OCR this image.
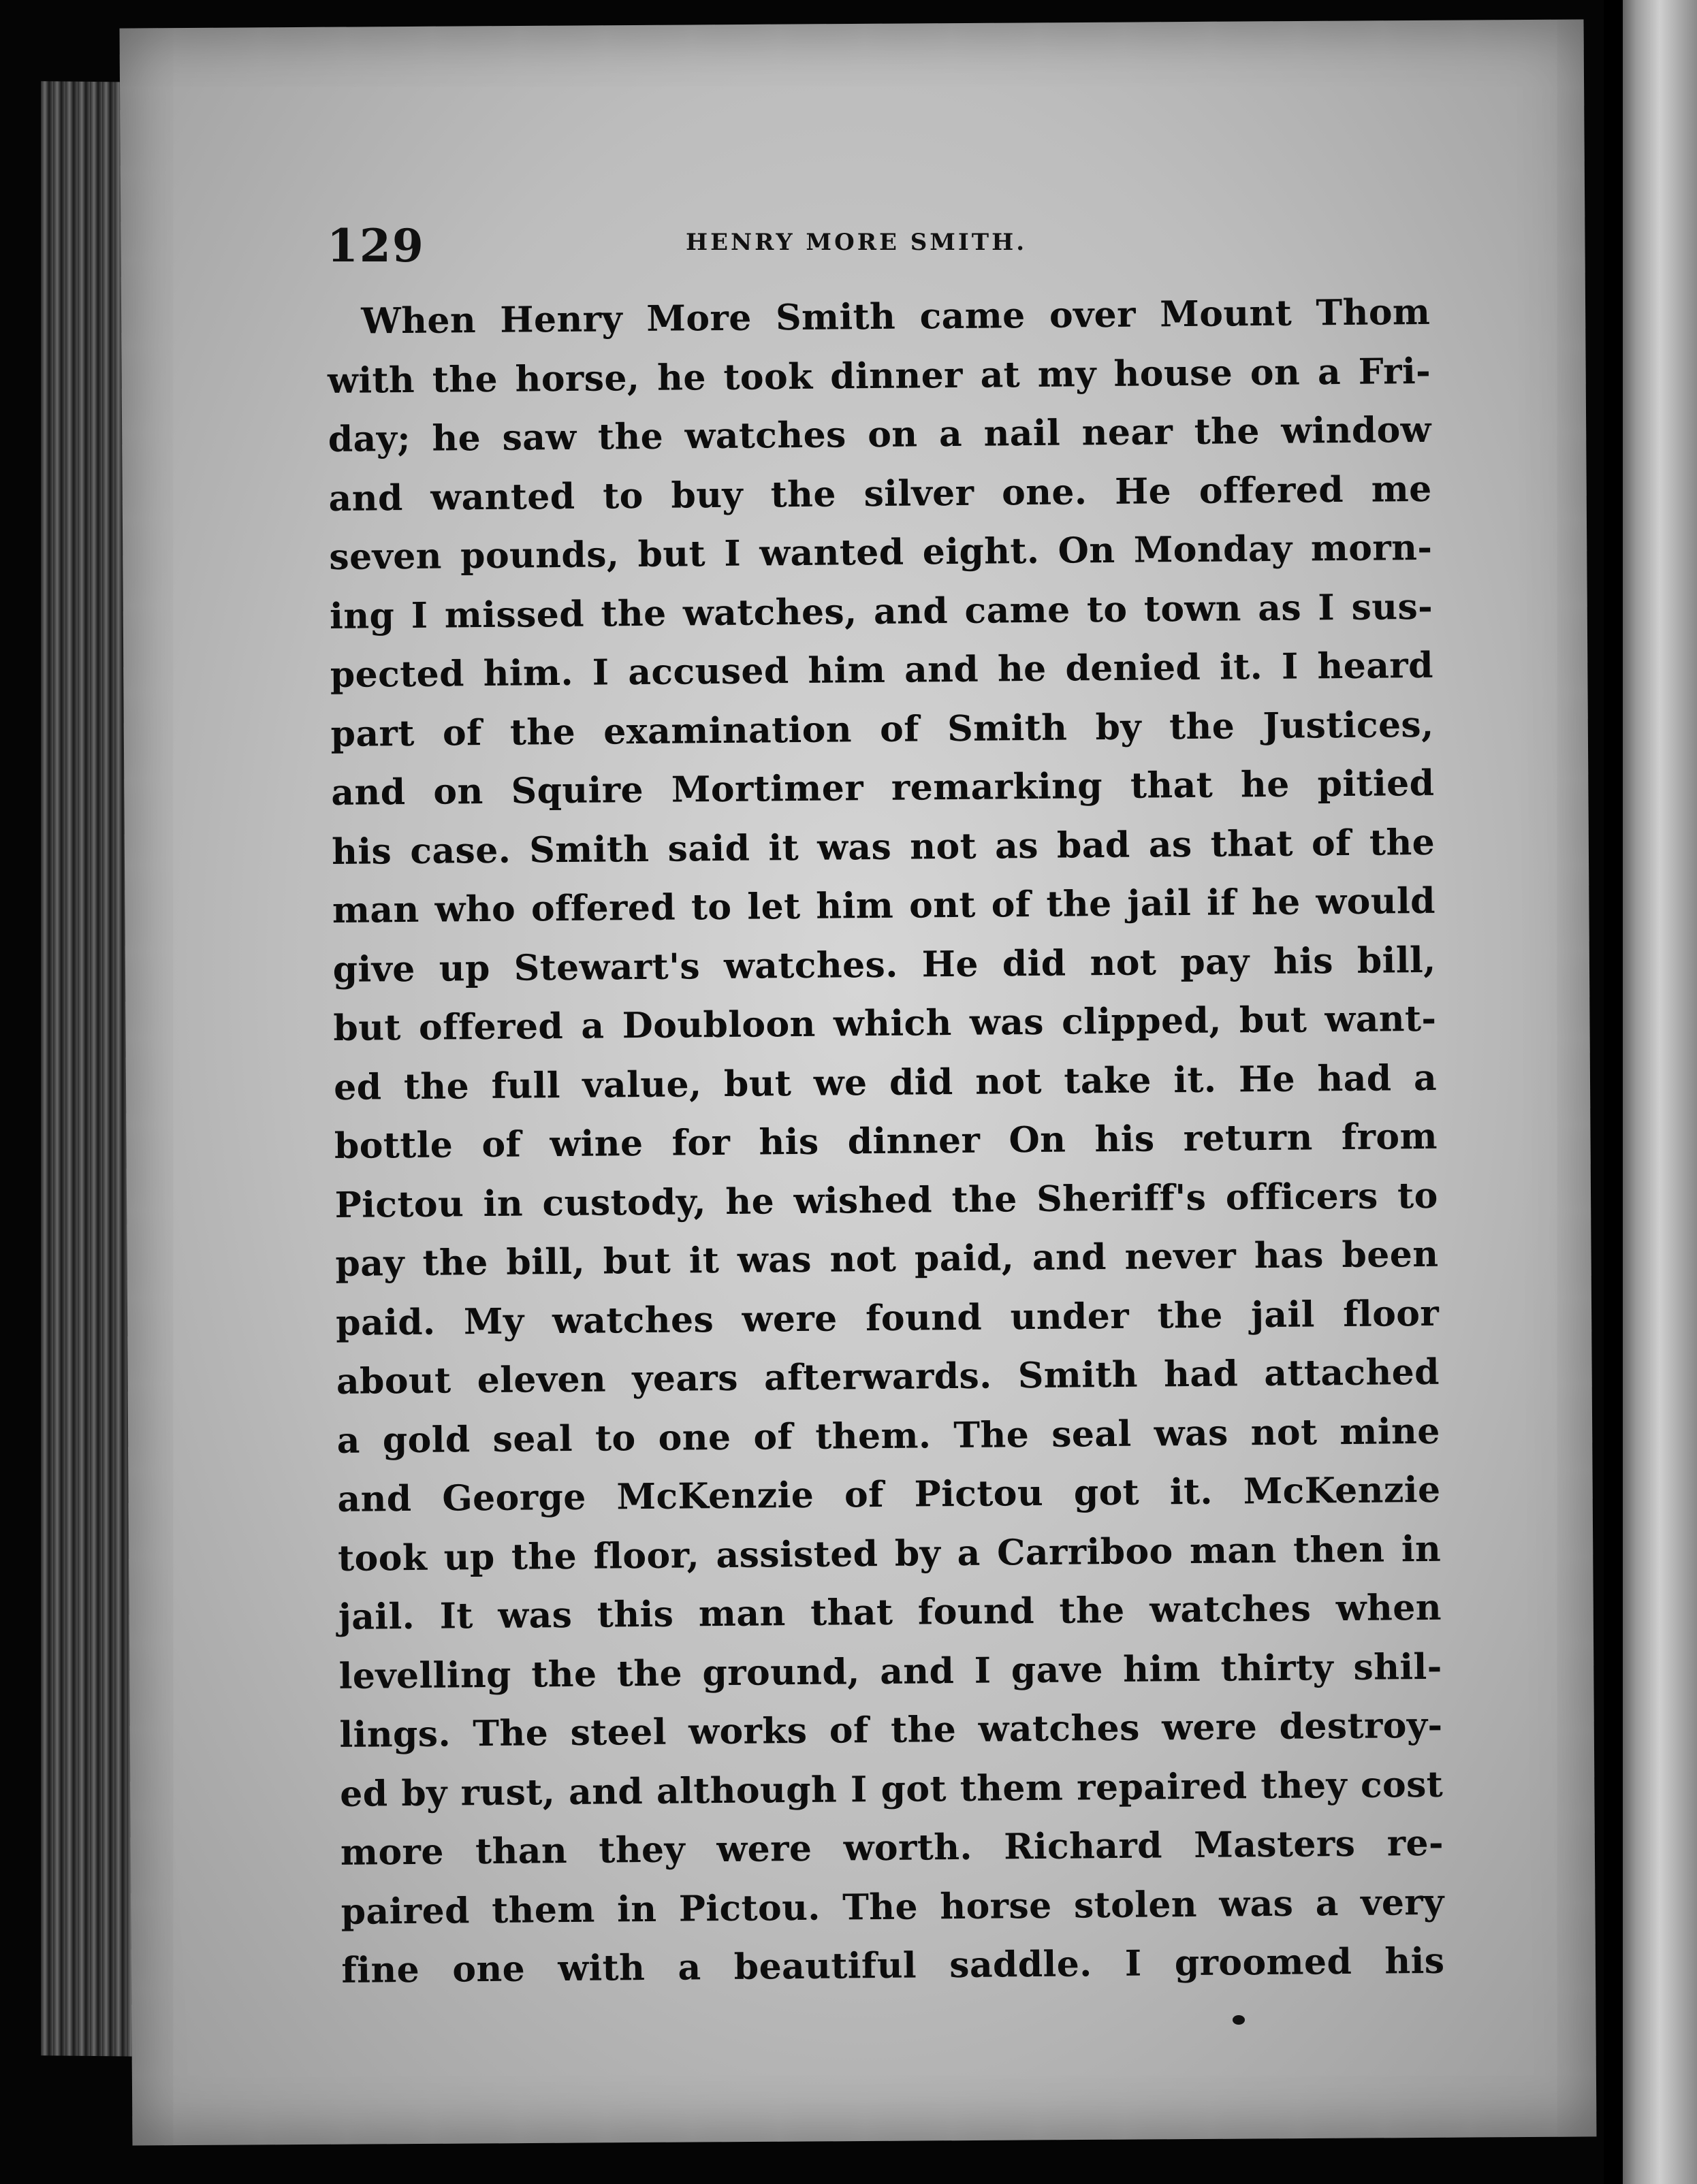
129	HENRY MORE SMITH.
When Henry More Smith came over Mount Thom
with the horse, he took dinner at my house on a Fri-
day; he saw the watches on a nail near the window
and wanted to buy the silver one. He offered me
seven pounds, but I wanted eight. On Monday morn-
ing I missed the watches, and came to town as I sus-
pected him. I accused him and he denied it. I heard
part of the examination of Smith by the Justices,
and on Squire Mortimer remarking that he pitied
his case. Smith said it was not as bad as that of the
man who offered to let him ont of the jail if he would
give up Stewart's watches. He did not pay his bill,
but offered a Doubloon which was clipped, but want-
ed the full value, but we did not take it. He had a
bottle of wine for his dinner On his return from
Pictou in custody, he wished the Sheriff's officers to
pay the bill, but it was not paid, and never has been
paid. My watches were found under the jail floor
about eleven years afterwards. Smith had attached
a gold seal to one of them. The seal was not mine
and George McKenzie of Pictou got it. McKenzie
took up the floor, assisted by a Carriboo man then in
jail. It was this man that found the watches when
levelling the the ground, and I gave him thirty shil-
lings. The steel works of the watches were destroy-
ed by rust, and although I got them repaired they cost
more than they were worth. Richard Masters re-
paired them in Pictou. The horse stolen was a very
fine one with a beautiful saddle. I groomed his
